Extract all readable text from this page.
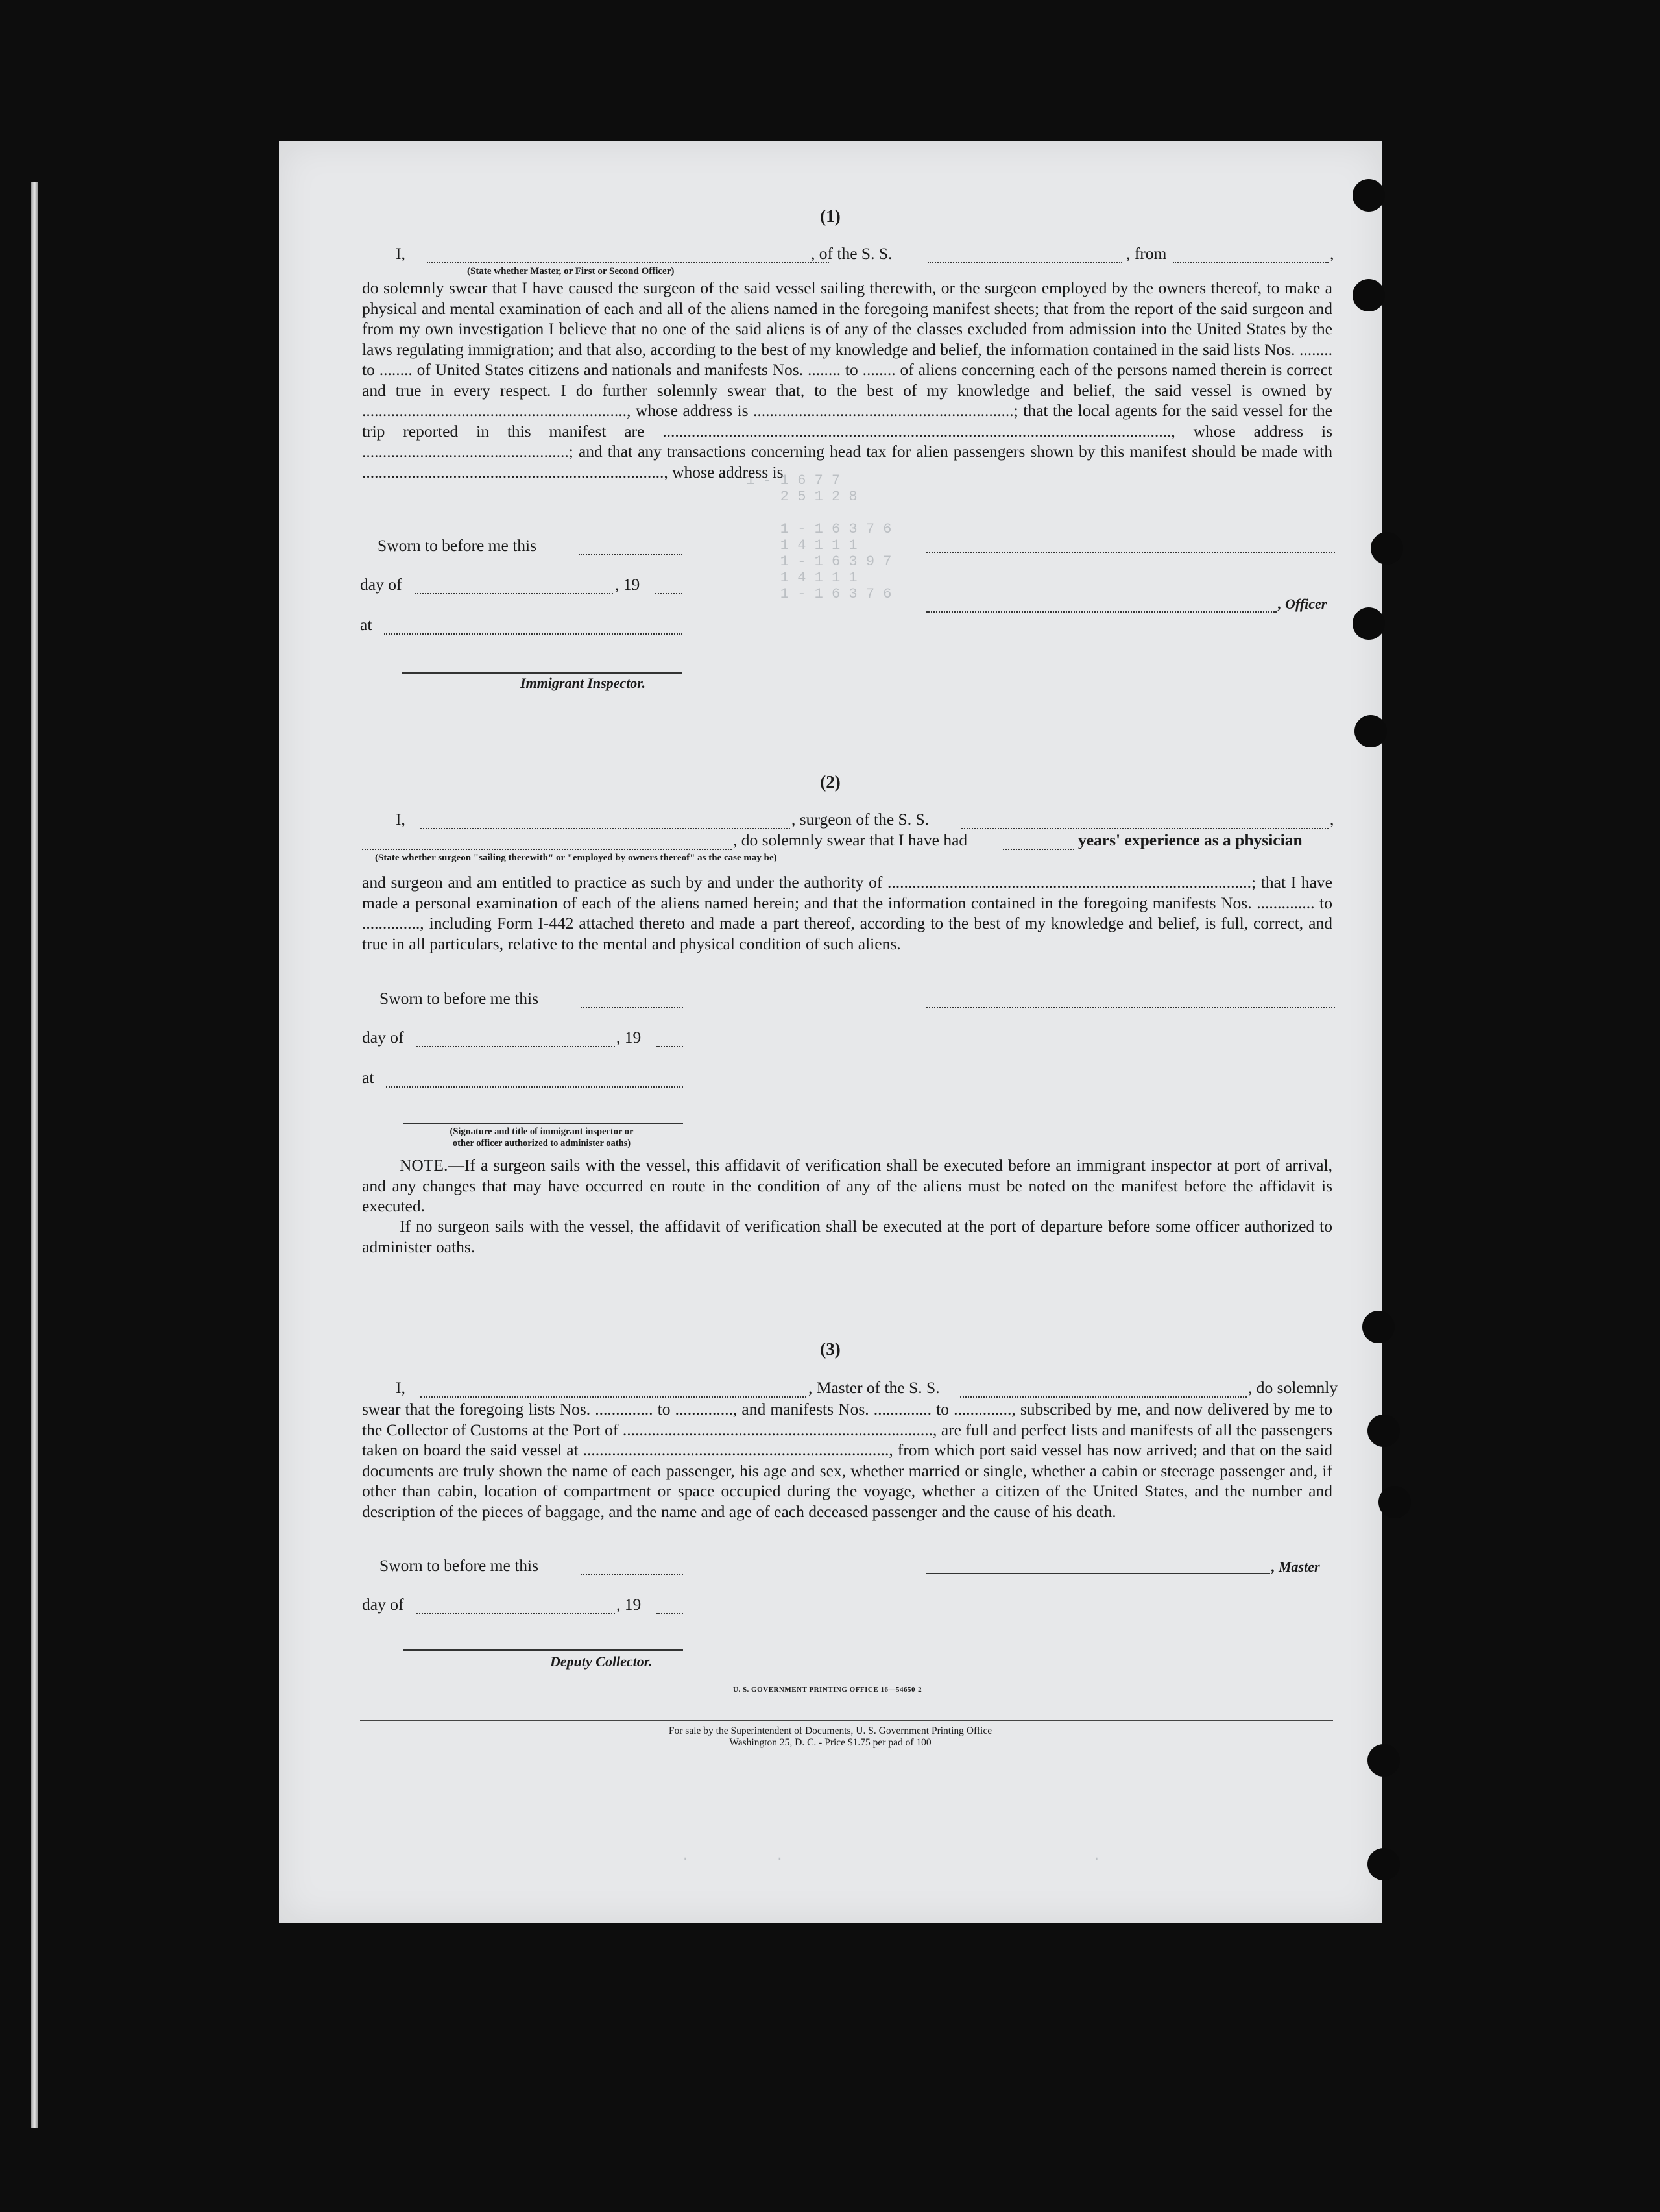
1 - 1 6 7 7
2 5 1 2 8

1 - 1 6 3 7 6
1 4 1 1 1
1 - 1 6 3 9 7
1 4 1 1 1
1 - 1 6 3 7 6
(1)
I,
(State whether Master, or First or Second Officer)
, of the S. S.	, from	,
do solemnly swear that I have caused the surgeon of the said vessel sailing therewith, or the surgeon employed by the owners thereof, to make a physical and mental examination of each and all of the aliens named in the foregoing manifest sheets; that from the report of the said surgeon and from my own investigation I believe that no one of the said aliens is of any of the classes excluded from admission into the United States by the laws regulating immigration; and that also, according to the best of my knowledge and belief, the information contained in the said lists Nos. ........ to ........ of United States citizens and nationals and manifests Nos. ........ to ........ of aliens concerning each of the persons named therein is correct and true in every respect. I do further solemnly swear that, to the best of my knowledge and belief, the said vessel is owned by ................................................................, whose address is ...............................................................; that the local agents for the said vessel for the trip reported in this manifest are ..........................................................................................................................., whose address is ..................................................; and that any transactions concerning head tax for alien passengers shown by this manifest should be made with ........................................................................., whose address is
Sworn to before me this
day of	, 19
, Officer
at
Immigrant Inspector.
(2)
I,	, surgeon of the S. S.	,
, do solemnly swear that I have had	years' experience as a physician
(State whether surgeon "sailing therewith" or "employed by owners thereof" as the case may be)
and surgeon and am entitled to practice as such by and under the authority of ........................................................................................; that I have made a personal examination of each of the aliens named herein; and that the information contained in the foregoing manifests Nos. .............. to .............., including Form I-442 attached thereto and made a part thereof, according to the best of my knowledge and belief, is full, correct, and true in all particulars, relative to the mental and physical condition of such aliens.
Sworn to before me this
day of	, 19
at
(Signature and title of immigrant inspector or
other officer authorized to administer oaths)
NOTE.—If a surgeon sails with the vessel, this affidavit of verification shall be executed before an immigrant inspector at port of arrival, and any changes that may have occurred en route in the condition of any of the aliens must be noted on the manifest before the affidavit is executed.
If no surgeon sails with the vessel, the affidavit of verification shall be executed at the port of departure before some officer authorized to administer oaths.
(3)
I,	, Master of the S. S.	, do solemnly
swear that the foregoing lists Nos. .............. to .............., and manifests Nos. .............. to .............., subscribed by me, and now delivered by me to the Collector of Customs at the Port of ..........................................................................., are full and perfect lists and manifests of all the passengers taken on board the said vessel at .........................................................................., from which port said vessel has now arrived; and that on the said documents are truly shown the name of each passenger, his age and sex, whether married or single, whether a cabin or steerage passenger and, if other than cabin, location of compartment or space occupied during the voyage, whether a citizen of the United States, and the number and description of the pieces of baggage, and the name and age of each deceased passenger and the cause of his death.
Sworn to before me this	, Master
day of	, 19
Deputy Collector.
U. S. GOVERNMENT PRINTING OFFICE 16—54650-2
For sale by the Superintendent of Documents, U. S. Government Printing Office
Washington 25, D. C. - Price $1.75 per pad of 100
.          .                                    .
